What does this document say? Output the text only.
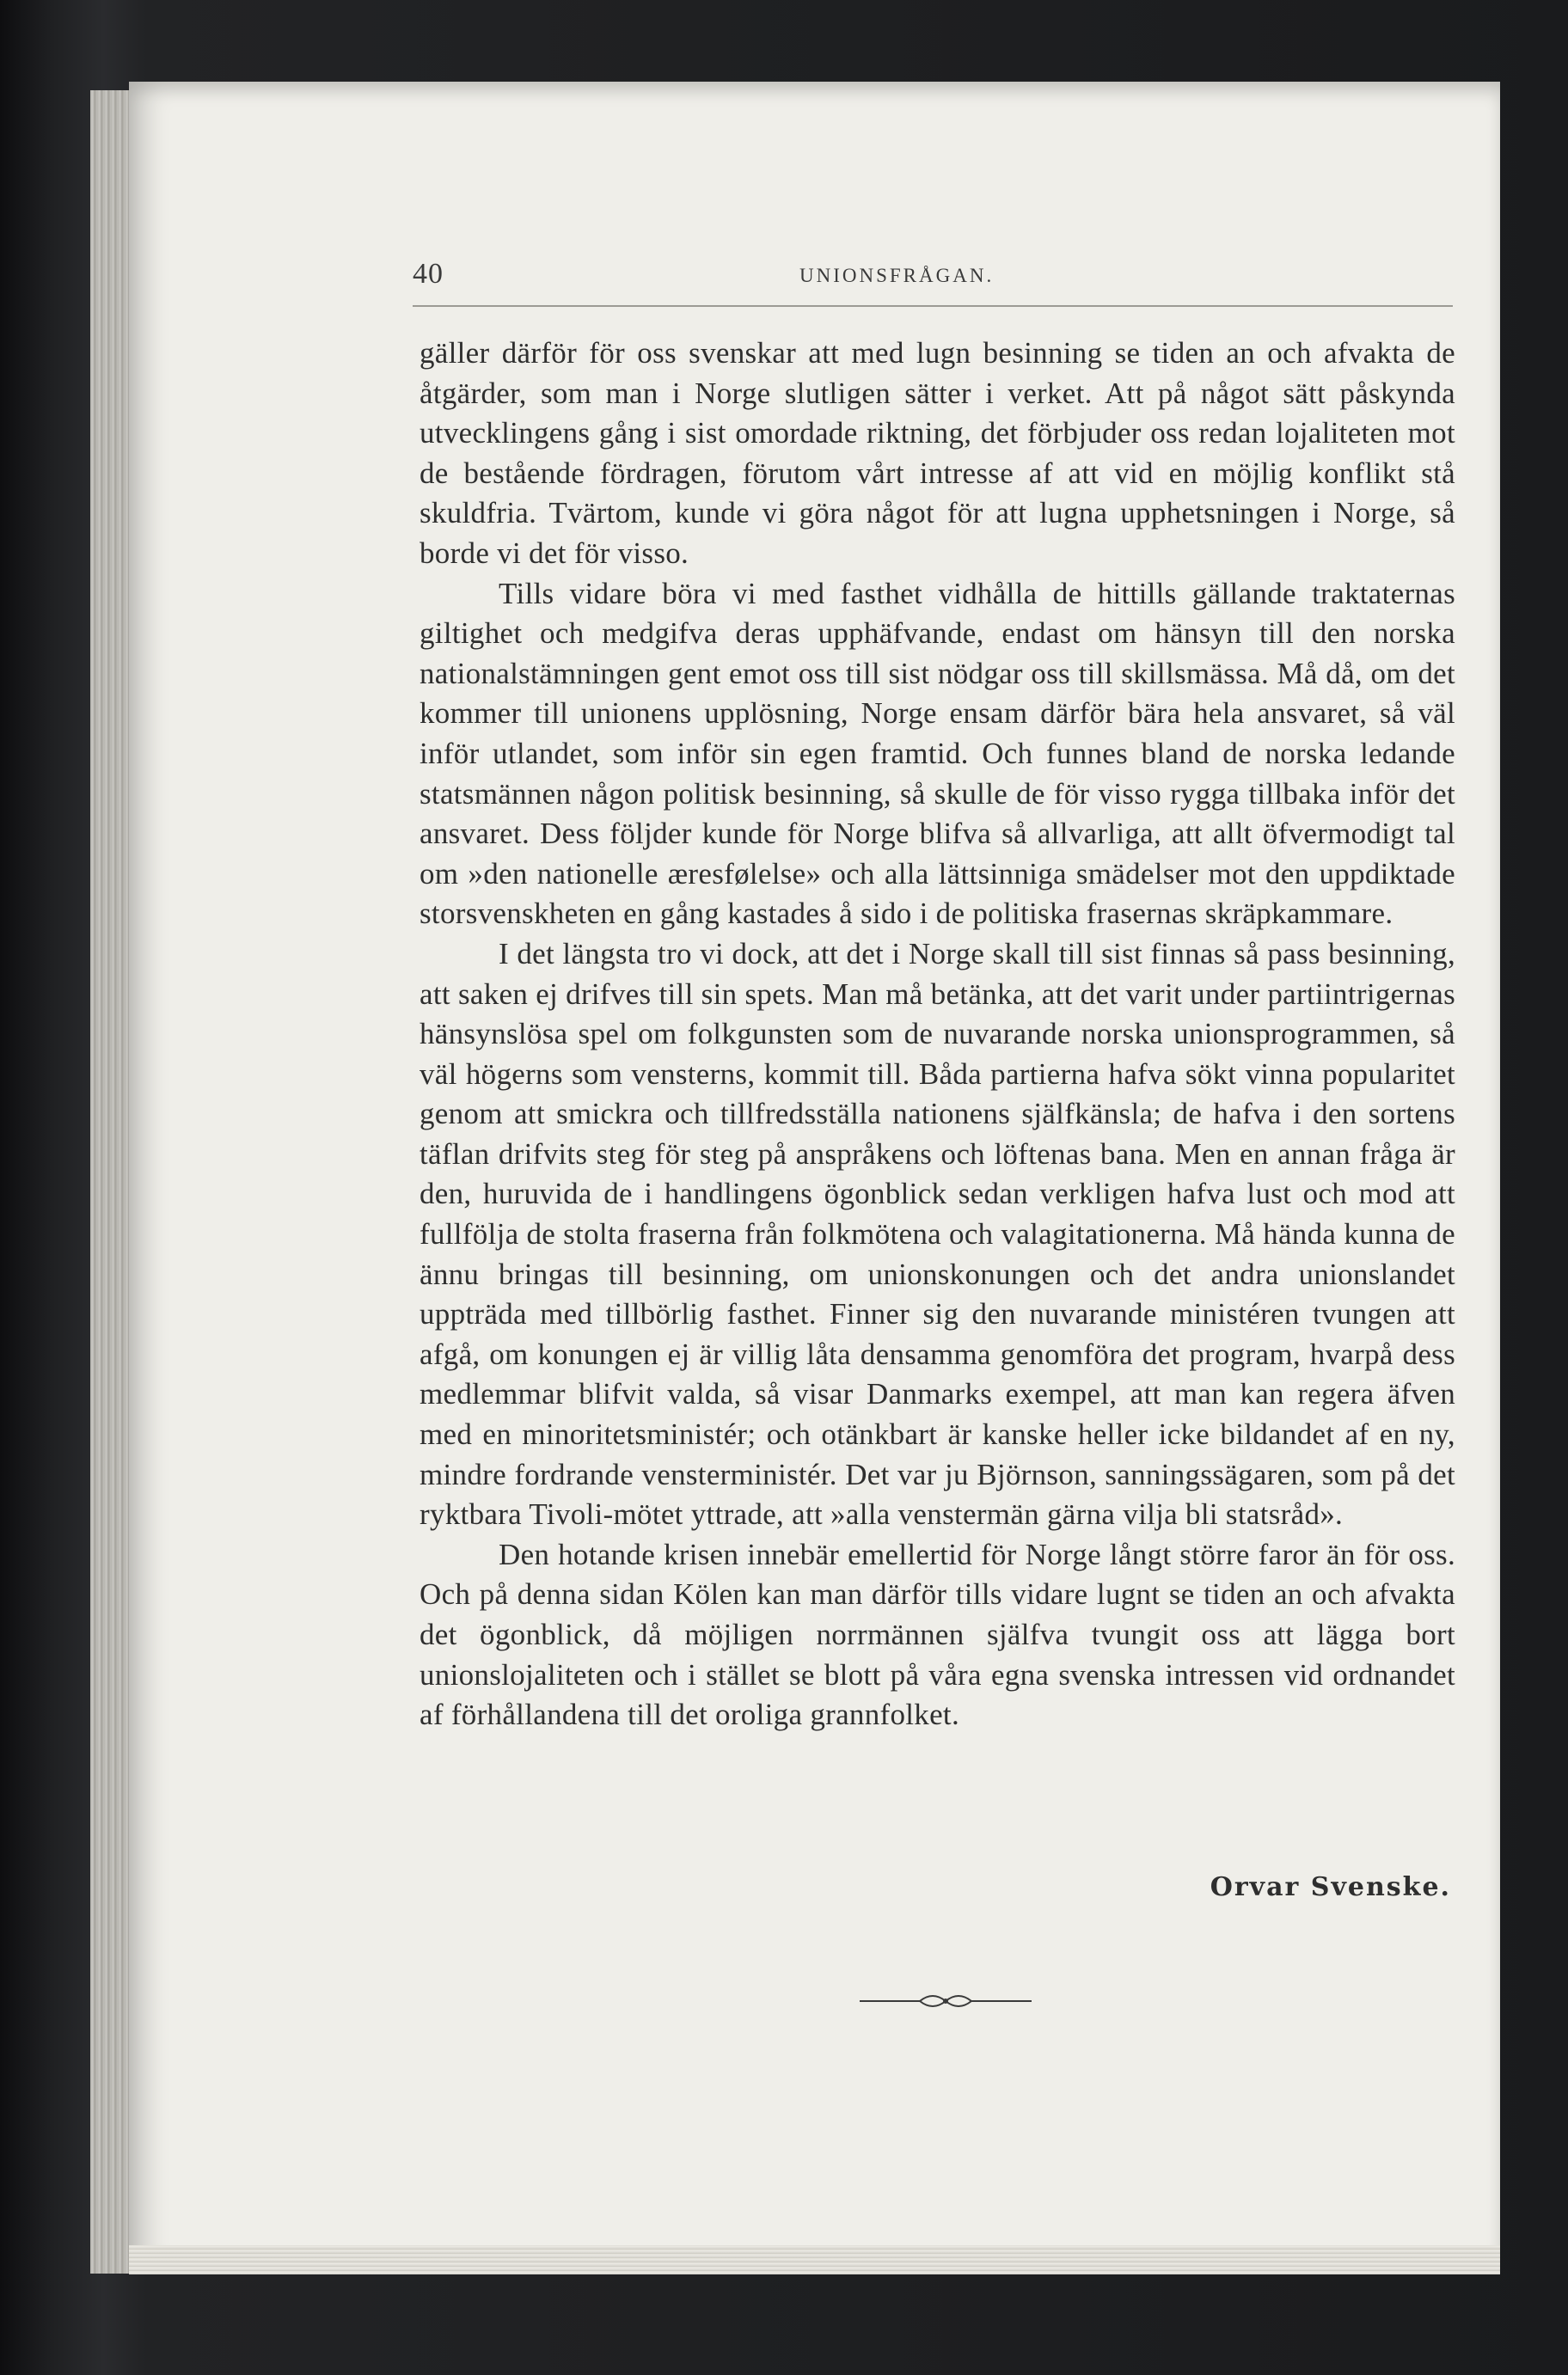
40	UNIONSFRÅGAN.

gäller därför för oss svenskar att med lugn besinning se tiden an och afvakta de åtgärder, som man i Norge slutligen sätter i verket. Att på något sätt påskynda utvecklingens gång i sist omordade riktning, det förbjuder oss redan lojaliteten mot de bestående fördragen, förutom vårt intresse af att vid en möjlig konflikt stå skuldfria. Tvärtom, kunde vi göra något för att lugna upphetsningen i Norge, så borde vi det för visso.

Tills vidare böra vi med fasthet vidhålla de hittills gällande traktaternas giltighet och medgifva deras upphäfvande, endast om hänsyn till den norska nationalstämningen gent emot oss till sist nödgar oss till skillsmässa. Må då, om det kommer till unionens upplösning, Norge ensam därför bära hela ansvaret, så väl inför utlandet, som inför sin egen framtid. Och funnes bland de norska ledande statsmännen någon politisk besinning, så skulle de för visso rygga tillbaka inför det ansvaret. Dess följder kunde för Norge blifva så allvarliga, att allt öfvermodigt tal om »den nationelle æresfølelse» och alla lättsinniga smädelser mot den uppdiktade storsvenskheten en gång kastades å sido i de politiska frasernas skräpkammare.

I det längsta tro vi dock, att det i Norge skall till sist finnas så pass besinning, att saken ej drifves till sin spets. Man må betänka, att det varit under partiintrigernas hänsynslösa spel om folkgunsten som de nuvarande norska unionsprogrammen, så väl högerns som vensterns, kommit till. Båda partierna hafva sökt vinna popularitet genom att smickra och tillfredsställa nationens själfkänsla; de hafva i den sortens täflan drifvits steg för steg på anspråkens och löftenas bana. Men en annan fråga är den, huruvida de i handlingens ögonblick sedan verkligen hafva lust och mod att fullfölja de stolta fraserna från folkmötena och valagitationerna. Må hända kunna de ännu bringas till besinning, om unionskonungen och det andra unionslandet uppträda med tillbörlig fasthet. Finner sig den nuvarande ministéren tvungen att afgå, om konungen ej är villig låta densamma genomföra det program, hvarpå dess medlemmar blifvit valda, så visar Danmarks exempel, att man kan regera äfven med en minoritetsministér; och otänkbart är kanske heller icke bildandet af en ny, mindre fordrande vensterministér. Det var ju Björnson, sanningssägaren, som på det ryktbara Tivoli-mötet yttrade, att »alla venstermän gärna vilja bli statsråd».

Den hotande krisen innebär emellertid för Norge långt större faror än för oss. Och på denna sidan Kölen kan man därför tills vidare lugnt se tiden an och afvakta det ögonblick, då möjligen norrmännen själfva tvungit oss att lägga bort unionslojaliteten och i stället se blott på våra egna svenska intressen vid ordnandet af förhållandena till det oroliga grannfolket.

Orvar Svenske.
